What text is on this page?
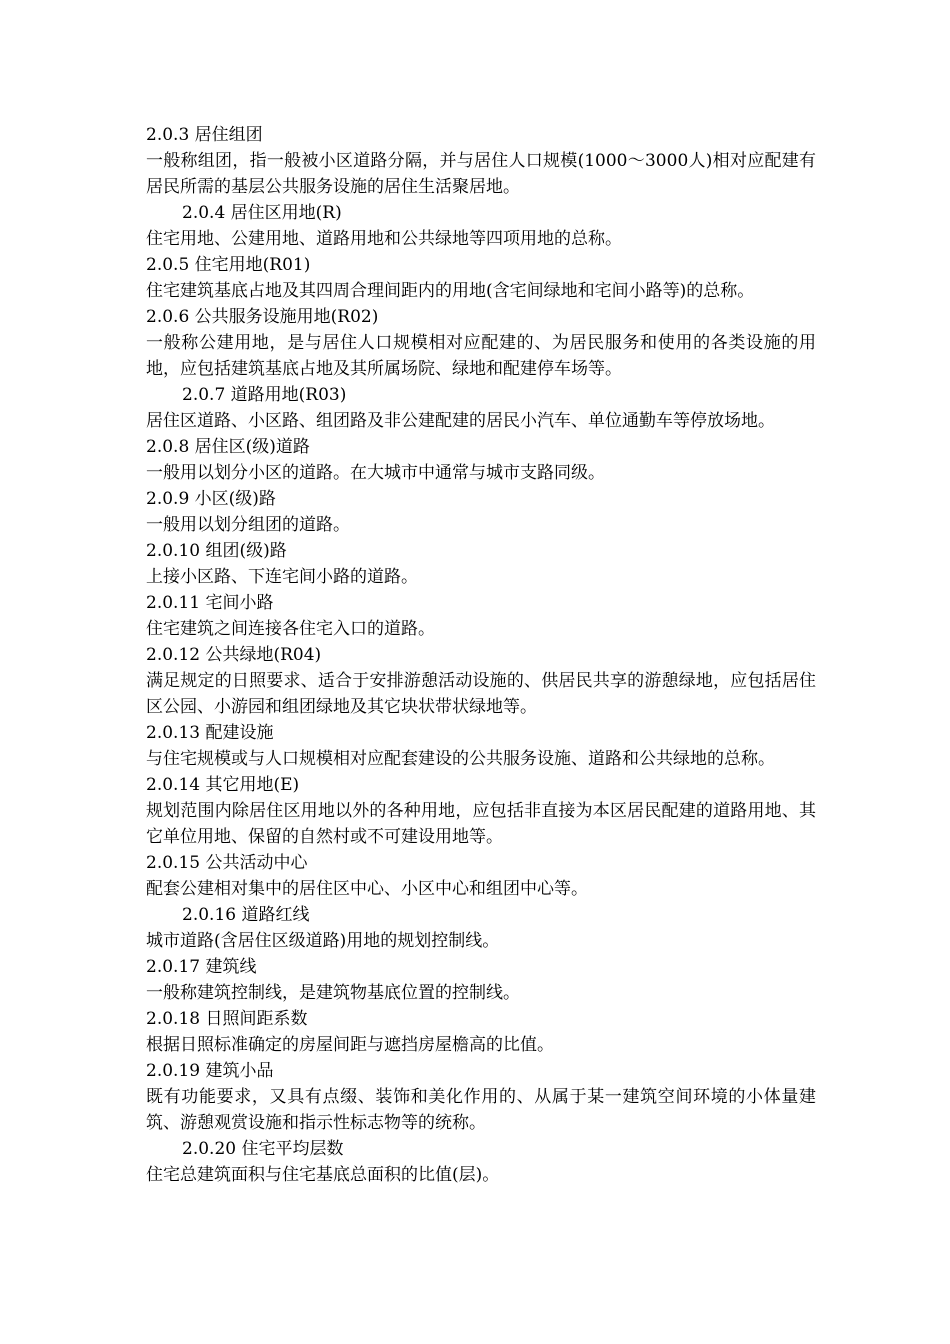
2.0.3 居住组团

一般称组团，指一般被小区道路分隔，并与居住人口规模(1000～3000人)相对应配建有居民所需的基层公共服务设施的居住生活聚居地。

2.0.4 居住区用地(R)

住宅用地、公建用地、道路用地和公共绿地等四项用地的总称。

2.0.5 住宅用地(R01)

住宅建筑基底占地及其四周合理间距内的用地(含宅间绿地和宅间小路等)的总称。

2.0.6 公共服务设施用地(R02)

一般称公建用地，是与居住人口规模相对应配建的、为居民服务和使用的各类设施的用地，应包括建筑基底占地及其所属场院、绿地和配建停车场等。

2.0.7 道路用地(R03)

居住区道路、小区路、组团路及非公建配建的居民小汽车、单位通勤车等停放场地。

2.0.8 居住区(级)道路

一般用以划分小区的道路。在大城市中通常与城市支路同级。

2.0.9 小区(级)路

一般用以划分组团的道路。

2.0.10 组团(级)路

上接小区路、下连宅间小路的道路。

2.0.11 宅间小路

住宅建筑之间连接各住宅入口的道路。

2.0.12 公共绿地(R04)

满足规定的日照要求、适合于安排游憩活动设施的、供居民共享的游憩绿地，应包括居住区公园、小游园和组团绿地及其它块状带状绿地等。

2.0.13 配建设施

与住宅规模或与人口规模相对应配套建设的公共服务设施、道路和公共绿地的总称。

2.0.14 其它用地(E)

规划范围内除居住区用地以外的各种用地，应包括非直接为本区居民配建的道路用地、其它单位用地、保留的自然村或不可建设用地等。

2.0.15 公共活动中心

配套公建相对集中的居住区中心、小区中心和组团中心等。

2.0.16 道路红线

城市道路(含居住区级道路)用地的规划控制线。

2.0.17 建筑线

一般称建筑控制线，是建筑物基底位置的控制线。

2.0.18 日照间距系数

根据日照标准确定的房屋间距与遮挡房屋檐高的比值。

2.0.19 建筑小品

既有功能要求，又具有点缀、装饰和美化作用的、从属于某一建筑空间环境的小体量建筑、游憩观赏设施和指示性标志物等的统称。

2.0.20 住宅平均层数

住宅总建筑面积与住宅基底总面积的比值(层)。
